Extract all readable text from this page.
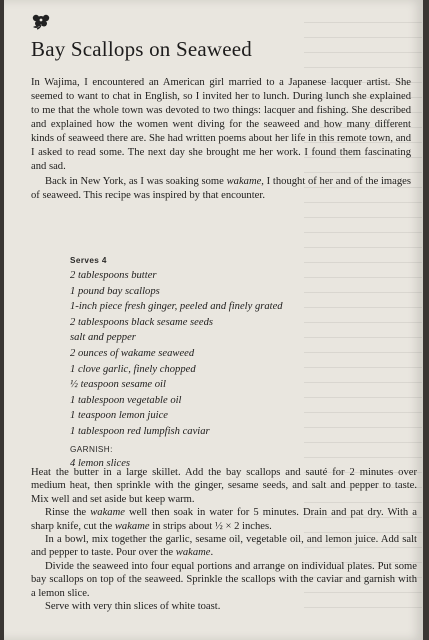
Bay Scallops on Seaweed

In Wajima, I encountered an American girl married to a Japanese lacquer artist. She seemed to want to chat in English, so I invited her to lunch. During lunch she explained to me that the whole town was devoted to two things: lacquer and fishing. She described and explained how the women went diving for the seaweed and how many different kinds of seaweed there are. She had written poems about her life in this remote town, and I asked to read some. The next day she brought me her work. I found them fascinating and sad.

Back in New York, as I was soaking some wakame, I thought of her and of the images of seaweed. This recipe was inspired by that encounter.

Serves 4
2 tablespoons butter
1 pound bay scallops
1-inch piece fresh ginger, peeled and finely grated
2 tablespoons black sesame seeds
salt and pepper
2 ounces of wakame seaweed
1 clove garlic, finely chopped
½ teaspoon sesame oil
1 tablespoon vegetable oil
1 teaspoon lemon juice
1 tablespoon red lumpfish caviar
GARNISH:
4 lemon slices

Heat the butter in a large skillet. Add the bay scallops and sauté for 2 minutes over medium heat, then sprinkle with the ginger, sesame seeds, and salt and pepper to taste. Mix well and set aside but keep warm.

Rinse the wakame well then soak in water for 5 minutes. Drain and pat dry. With a sharp knife, cut the wakame in strips about ½ × 2 inches.

In a bowl, mix together the garlic, sesame oil, vegetable oil, and lemon juice. Add salt and pepper to taste. Pour over the wakame.

Divide the seaweed into four equal portions and arrange on individual plates. Put some bay scallops on top of the seaweed. Sprinkle the scallops with the caviar and garnish with a lemon slice.

Serve with very thin slices of white toast.
